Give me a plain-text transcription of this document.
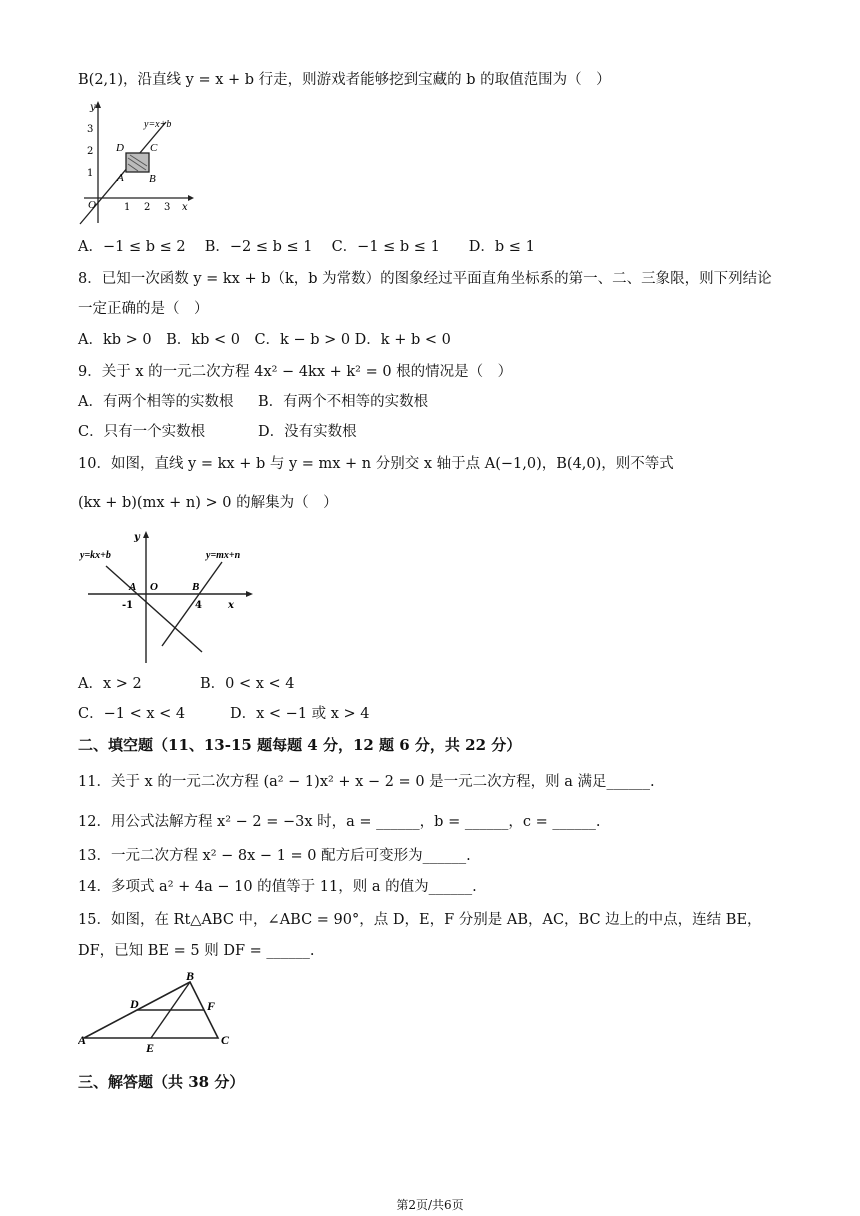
B(2,1)，沿直线 y = x + b 行走，则游戏者能够挖到宝藏的 b 的取值范围为（　）
y=x+b
D C
A B
O	1 2 3 x
3
2
1
y
A．−1 ≤ b ≤ 2　 B．−2 ≤ b ≤ 1　 C．−1 ≤ b ≤ 1　　D．b ≤ 1
8．已知一次函数 y = kx + b（k，b 为常数）的图象经过平面直角坐标系的第一、二、三象限，则下列结论
一定正确的是（　）
A．kb > 0　B．kb < 0　C．k − b > 0 D．k + b < 0
9．关于 x 的一元二次方程 4x² − 4kx + k² = 0 根的情况是（　）
A．有两个相等的实数根 B．有两个不相等的实数根
C．只有一个实数根	D．没有实数根
10．如图，直线 y = kx + b 与 y = mx + n 分别交 x 轴于点 A(−1,0)，B(4,0)，则不等式
(kx + b)(mx + n) > 0 的解集为（　）
y=kx+b	y=mx+n
A O	B
-1	4	x
y
A．x > 2	B．0 < x < 4
C．−1 < x < 4	D．x < −1 或 x > 4
二、填空题（11、13-15 题每题 4 分，12 题 6 分，共 22 分）
11．关于 x 的一元二次方程 (a² − 1)x² + x − 2 = 0 是一元二次方程，则 a 满足______.
12．用公式法解方程 x² − 2 = −3x 时，a = ______，b = ______，c = ______.
13．一元二次方程 x² − 8x − 1 = 0 配方后可变形为______.
14．多项式 a² + 4a − 10 的值等于 11，则 a 的值为______.
15．如图，在 Rt△ABC 中，∠ABC = 90°，点 D，E，F 分别是 AB，AC，BC 边上的中点，连结 BE，
DF，已知 BE = 5 则 DF = ______.
A
B
C
D
E
F
三、解答题（共 38 分）
第2页/共6页
